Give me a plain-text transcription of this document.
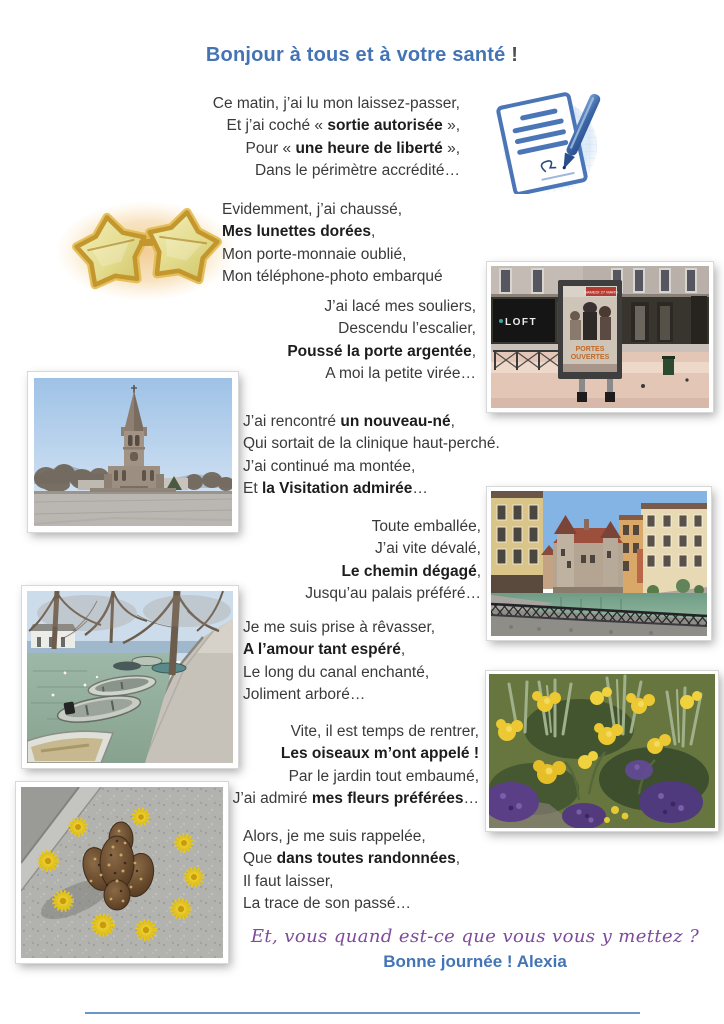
Bonjour à tous et à votre santé !
LOFT
SAMEDI 27 MARS
PORTES
OUVERTES
Ce matin, j’ai lu mon laissez-passer,
Et j’ai coché « sortie autorisée »,
Pour « une heure de liberté »,
Dans le périmètre accrédité…
Evidemment, j’ai chaussé,
Mes lunettes dorées,
Mon porte-monnaie oublié,
Mon téléphone-photo embarqué
J’ai lacé mes souliers,
Descendu l’escalier,
Poussé la porte argentée,
A moi la petite virée…
J’ai rencontré un nouveau-né,
Qui sortait de la clinique haut-perché.
J’ai continué ma montée,
Et la Visitation admirée…
Toute emballée,
J’ai vite dévalé,
Le chemin dégagé,
Jusqu’au palais préféré…
Je me suis prise à rêvasser,
A l’amour tant espéré,
Le long du canal enchanté,
Joliment arboré…
Vite, il est temps de rentrer,
Les oiseaux m’ont appelé !
Par le jardin tout embaumé,
J’ai admiré mes fleurs préférées…
Alors, je me suis rappelée,
Que dans toutes randonnées,
Il faut laisser,
La trace de son passé…
Et, vous quand est-ce que vous vous y mettez ?
Bonne journée ! Alexia
